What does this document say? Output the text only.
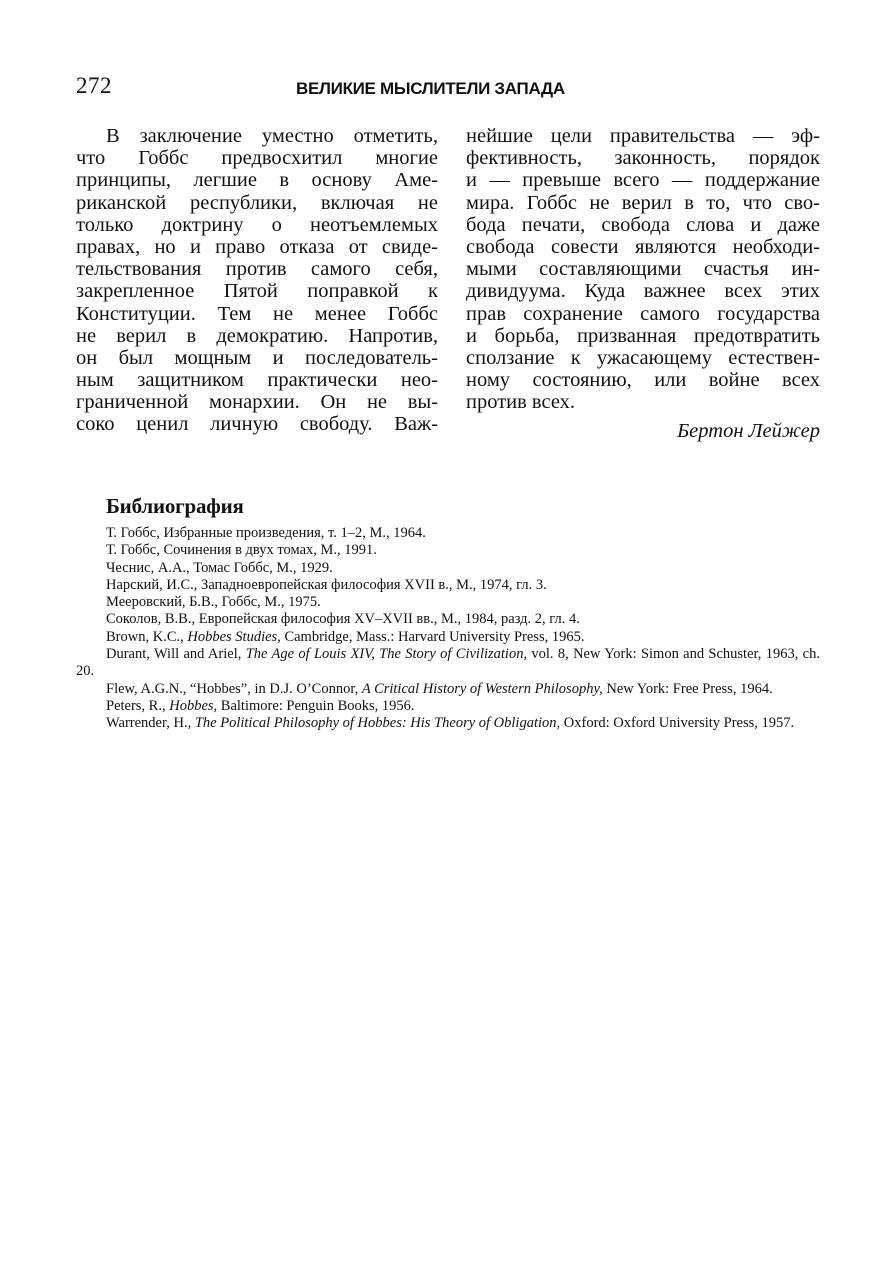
272	ВЕЛИКИЕ МЫСЛИТЕЛИ ЗАПАДА
В заключение уместно отметить,
что Гоббс предвосхитил многие
принципы, легшие в основу Аме-
риканской республики, включая не
только доктрину о неотъемлемых
правах, но и право отказа от свиде-
тельствования против самого себя,
закрепленное Пятой поправкой к
Конституции. Тем не менее Гоббс
не верил в демократию. Напротив,
он был мощным и последователь-
ным защитником практически нео-
граниченной монархии. Он не вы-
соко ценил личную свободу. Важ-
нейшие цели правительства — эф-
фективность, законность, порядок
и — превыше всего — поддержание
мира. Гоббс не верил в то, что сво-
бода печати, свобода слова и даже
свобода совести являются необходи-
мыми составляющими счастья ин-
дивидуума. Куда важнее всех этих
прав сохранение самого государства
и борьба, призванная предотвратить
сползание к ужасающему естествен-
ному состоянию, или войне всех
против всех.
Бертон Лейжер
Библиография
Т. Гоббс, Избранные произведения, т. 1–2, М., 1964.
Т. Гоббс, Сочинения в двух томах, М., 1991.
Чеснис, А.А., Томас Гоббс, М., 1929.
Нарский, И.С., Западноевропейская философия XVII в., М., 1974, гл. 3.
Мееровский, Б.В., Гоббс, М., 1975.
Соколов, В.В., Европейская философия XV–XVII вв., М., 1984, разд. 2, гл. 4.
Brown, K.C., Hobbes Studies, Cambridge, Mass.: Harvard University Press, 1965.
Durant, Will and Ariel, The Age of Louis XIV, The Story of Civilization, vol. 8, New York: Simon and Schuster, 1963, ch. 20.
Flew, A.G.N., “Hobbes”, in D.J. O’Connor, A Critical History of Western Philosophy, New York: Free Press, 1964.
Peters, R., Hobbes, Baltimore: Penguin Books, 1956.
Warrender, H., The Political Philosophy of Hobbes: His Theory of Obligation, Oxford: Oxford University Press, 1957.
